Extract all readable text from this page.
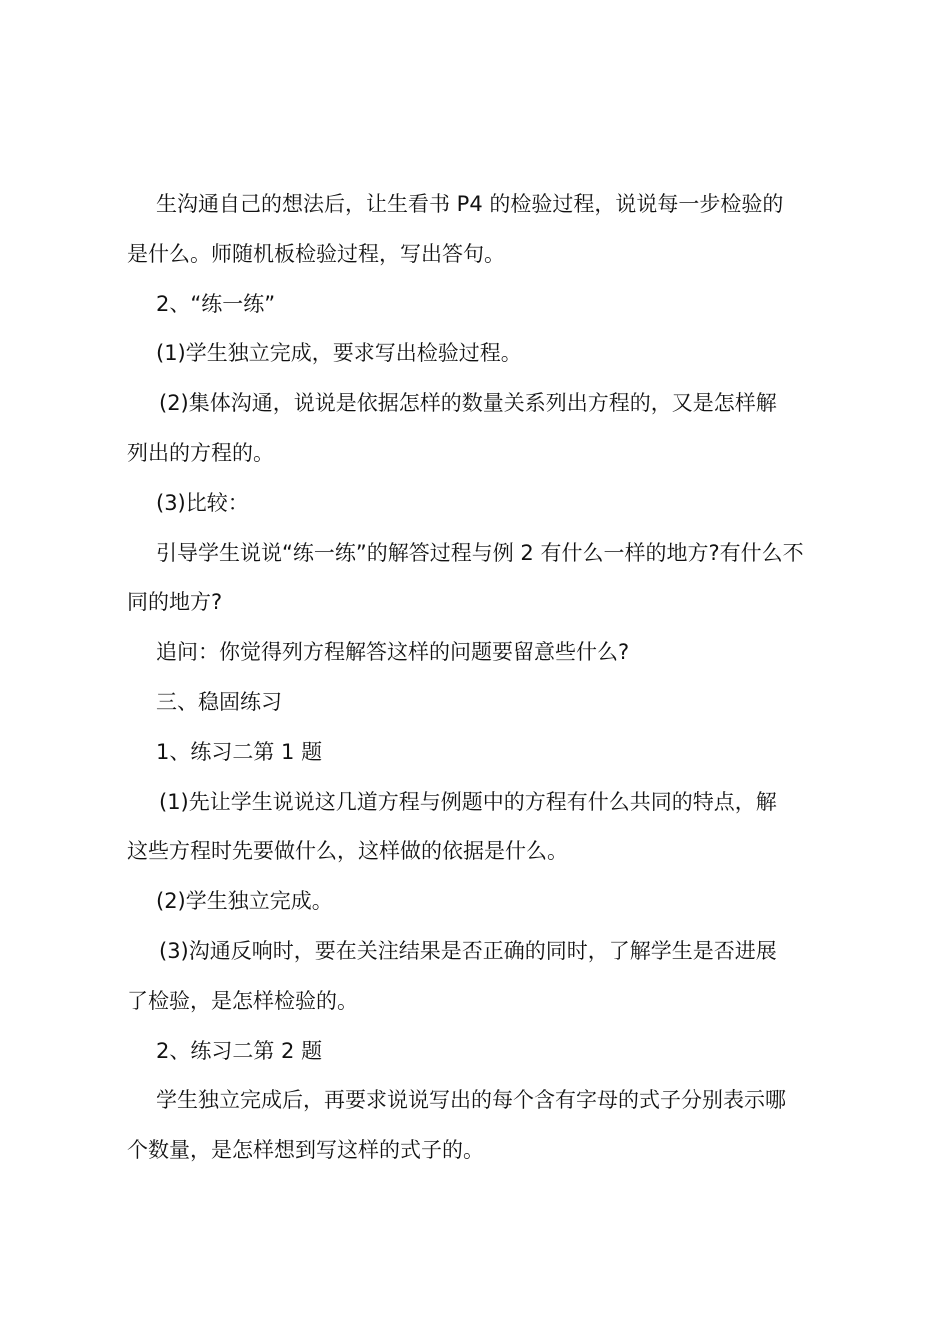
生沟通自己的想法后，让生看书 P4 的检验过程，说说每一步检验的
是什么。师随机板检验过程，写出答句。
2、“练一练”
(1)学生独立完成，要求写出检验过程。
(2)集体沟通，说说是依据怎样的数量关系列出方程的，又是怎样解
列出的方程的。
(3)比较：
引导学生说说“练一练”的解答过程与例 2 有什么一样的地方?有什么不
同的地方?
追问：你觉得列方程解答这样的问题要留意些什么?
三、稳固练习
1、练习二第 1 题
(1)先让学生说说这几道方程与例题中的方程有什么共同的特点，解
这些方程时先要做什么，这样做的依据是什么。
(2)学生独立完成。
(3)沟通反响时，要在关注结果是否正确的同时，了解学生是否进展
了检验，是怎样检验的。
2、练习二第 2 题
学生独立完成后，再要求说说写出的每个含有字母的式子分别表示哪
个数量，是怎样想到写这样的式子的。
